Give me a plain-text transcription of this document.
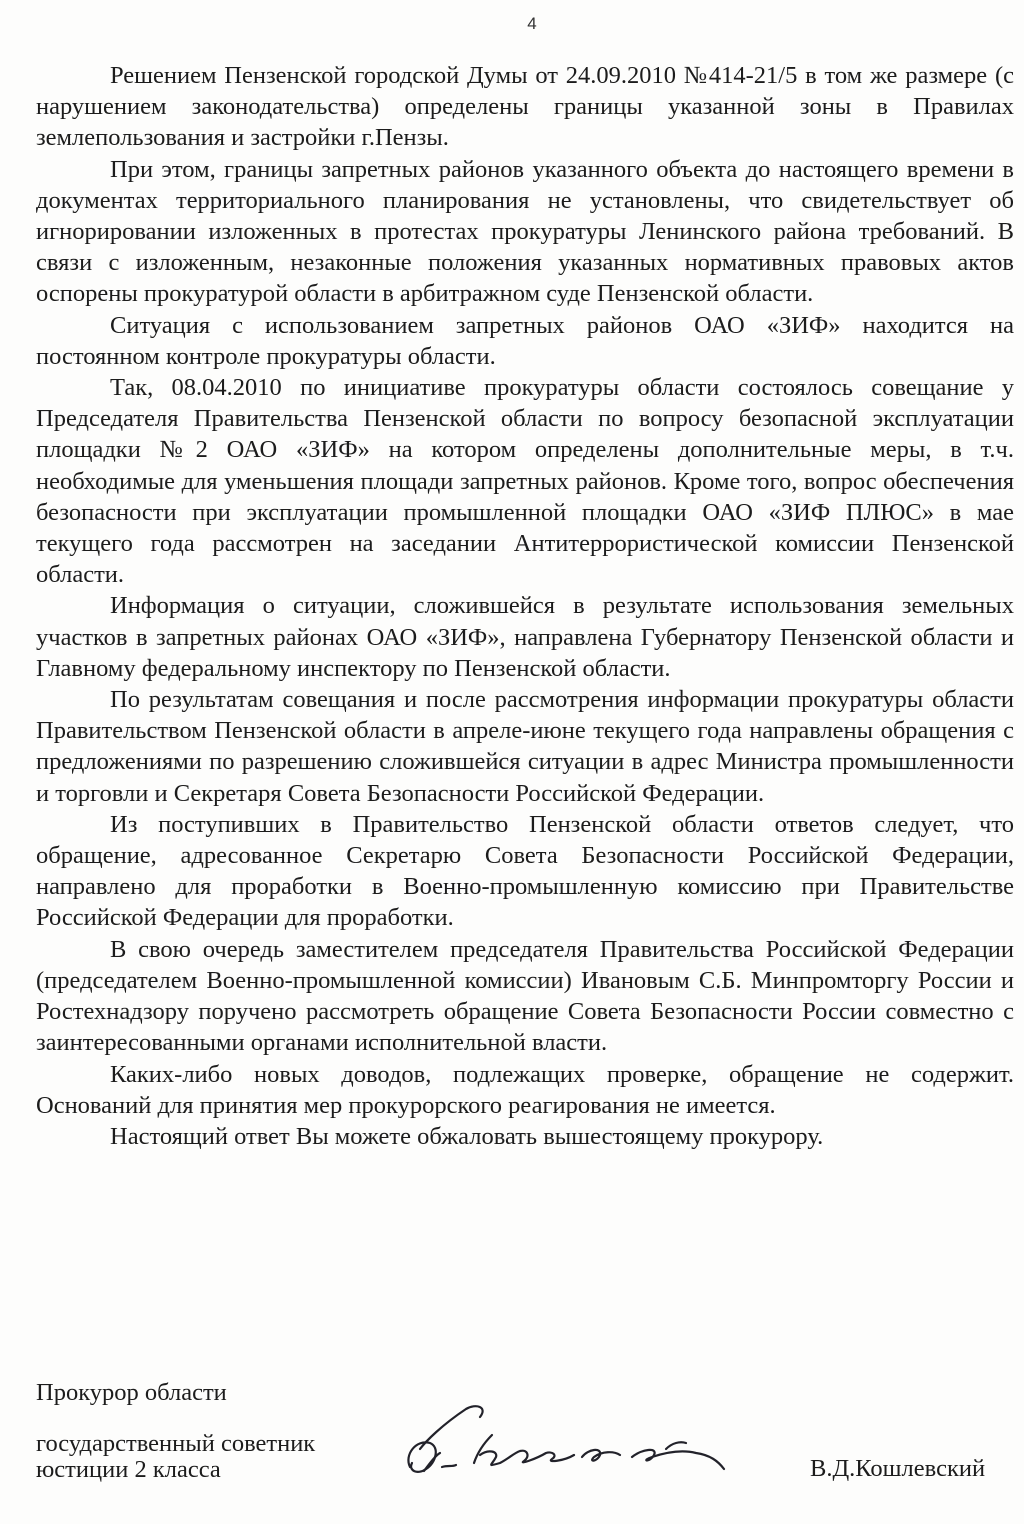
4

Решением Пензенской городской Думы от 24.09.2010 №414-21/5 в том же размере (с нарушением законодательства) определены границы указанной зоны в Правилах землепользования и застройки г.Пензы.

При этом, границы запретных районов указанного объекта до настоящего времени в документах территориального планирования не установлены, что свидетельствует об игнорировании изложенных в протестах прокуратуры Ленинского района требований. В связи с изложенным, незаконные положения указанных нормативных правовых актов оспорены прокуратурой области в арбитражном суде Пензенской области.

Ситуация с использованием запретных районов ОАО «ЗИФ» находится на постоянном контроле прокуратуры области.

Так, 08.04.2010 по инициативе прокуратуры области состоялось совещание у Председателя Правительства Пензенской области по вопросу безопасной эксплуатации площадки №2 ОАО «ЗИФ» на котором определены дополнительные меры, в т.ч. необходимые для уменьшения площади запретных районов. Кроме того, вопрос обеспечения безопасности при эксплуатации промышленной площадки ОАО «ЗИФ ПЛЮС» в мае текущего года рассмотрен на заседании Антитеррористической комиссии Пензенской области.

Информация о ситуации, сложившейся в результате использования земельных участков в запретных районах ОАО «ЗИФ», направлена Губернатору Пензенской области и Главному федеральному инспектору по Пензенской области.

По результатам совещания и после рассмотрения информации прокуратуры области Правительством Пензенской области в апреле-июне текущего года направлены обращения с предложениями по разрешению сложившейся ситуации в адрес Министра промышленности и торговли и Секретаря Совета Безопасности Российской Федерации.

Из поступивших в Правительство Пензенской области ответов следует, что обращение, адресованное Секретарю Совета Безопасности Российской Федерации, направлено для проработки в Военно-промышленную комиссию при Правительстве Российской Федерации для проработки.

В свою очередь заместителем председателя Правительства Российской Федерации (председателем Военно-промышленной комиссии) Ивановым С.Б. Минпромторгу России и Ростехнадзору поручено рассмотреть обращение Совета Безопасности России совместно с заинтересованными органами исполнительной власти.

Каких-либо новых доводов, подлежащих проверке, обращение не содержит. Оснований для принятия мер прокурорского реагирования не имеется.

Настоящий ответ Вы можете обжаловать вышестоящему прокурору.

Прокурор области
государственный советник
юстиции 2 класса	В.Д.Кошлевский
